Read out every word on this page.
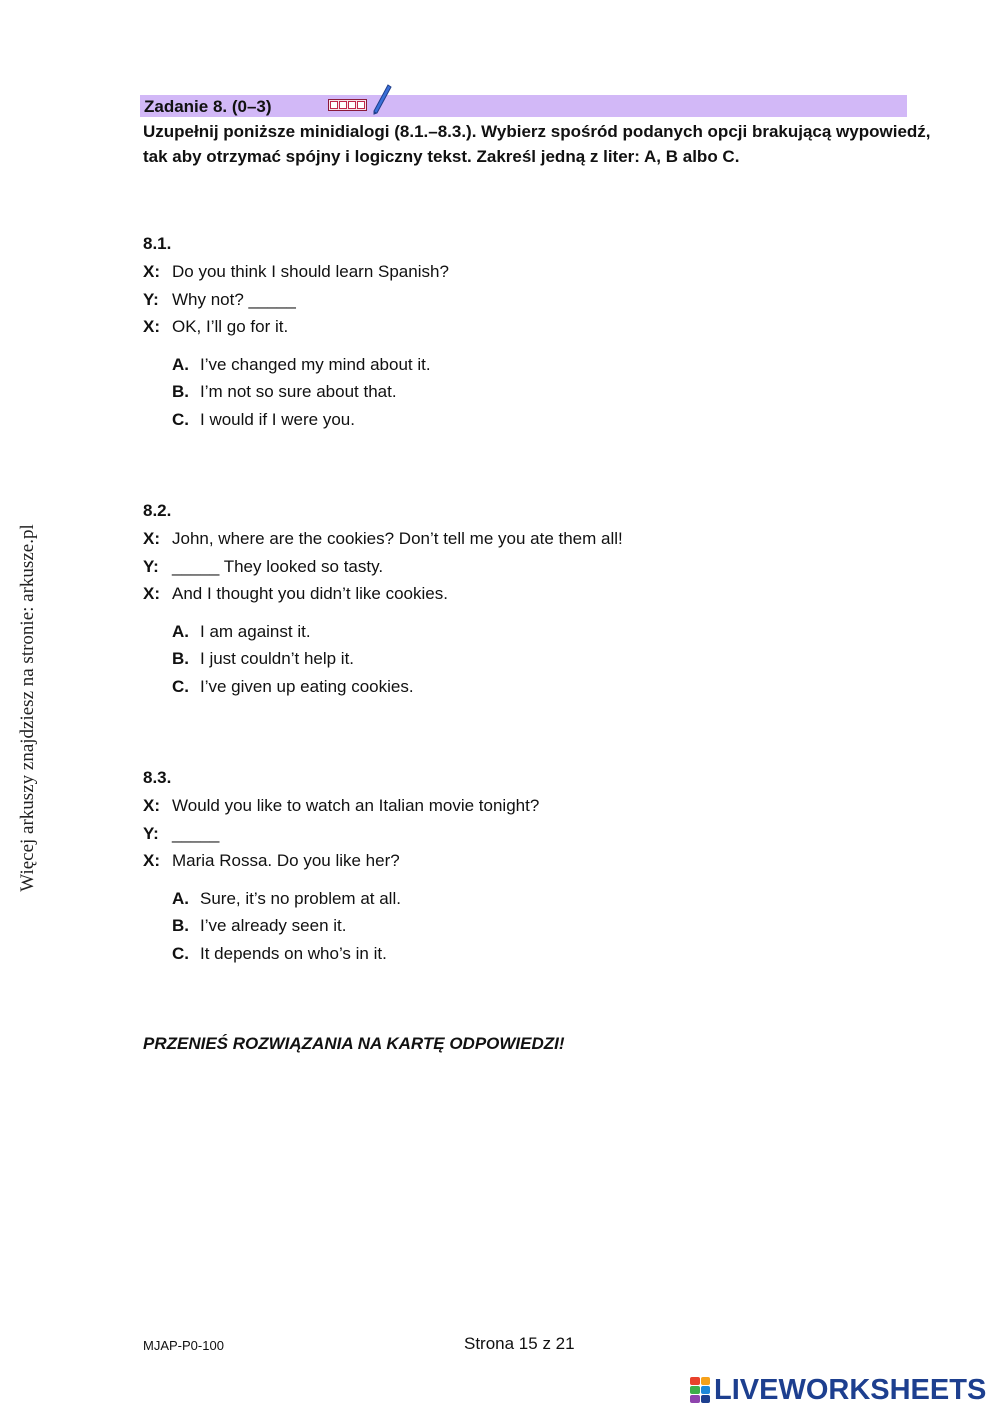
Zadanie 8. (0–3)
Uzupełnij poniższe minidialogi (8.1.–8.3.). Wybierz spośród podanych opcji brakującą wypowiedź, tak aby otrzymać spójny i logiczny tekst. Zakreśl jedną z liter: A, B albo C.
8.1.
X: Do you think I should learn Spanish?
Y: Why not? _____
X: OK, I’ll go for it.
A. I’ve changed my mind about it.
B. I’m not so sure about that.
C. I would if I were you.
8.2.
X: John, where are the cookies? Don’t tell me you ate them all!
Y: _____ They looked so tasty.
X: And I thought you didn’t like cookies.
A. I am against it.
B. I just couldn’t help it.
C. I’ve given up eating cookies.
8.3.
X: Would you like to watch an Italian movie tonight?
Y: _____
X: Maria Rossa. Do you like her?
A. Sure, it’s no problem at all.
B. I’ve already seen it.
C. It depends on who’s in it.
PRZENIEŚ ROZWIĄZANIA NA KARTĘ ODPOWIEDZI!
Więcej arkuszy znajdziesz na stronie: arkusze.pl
MJAP-P0-100	Strona 15 z 21
LIVEWORKSHEETS
